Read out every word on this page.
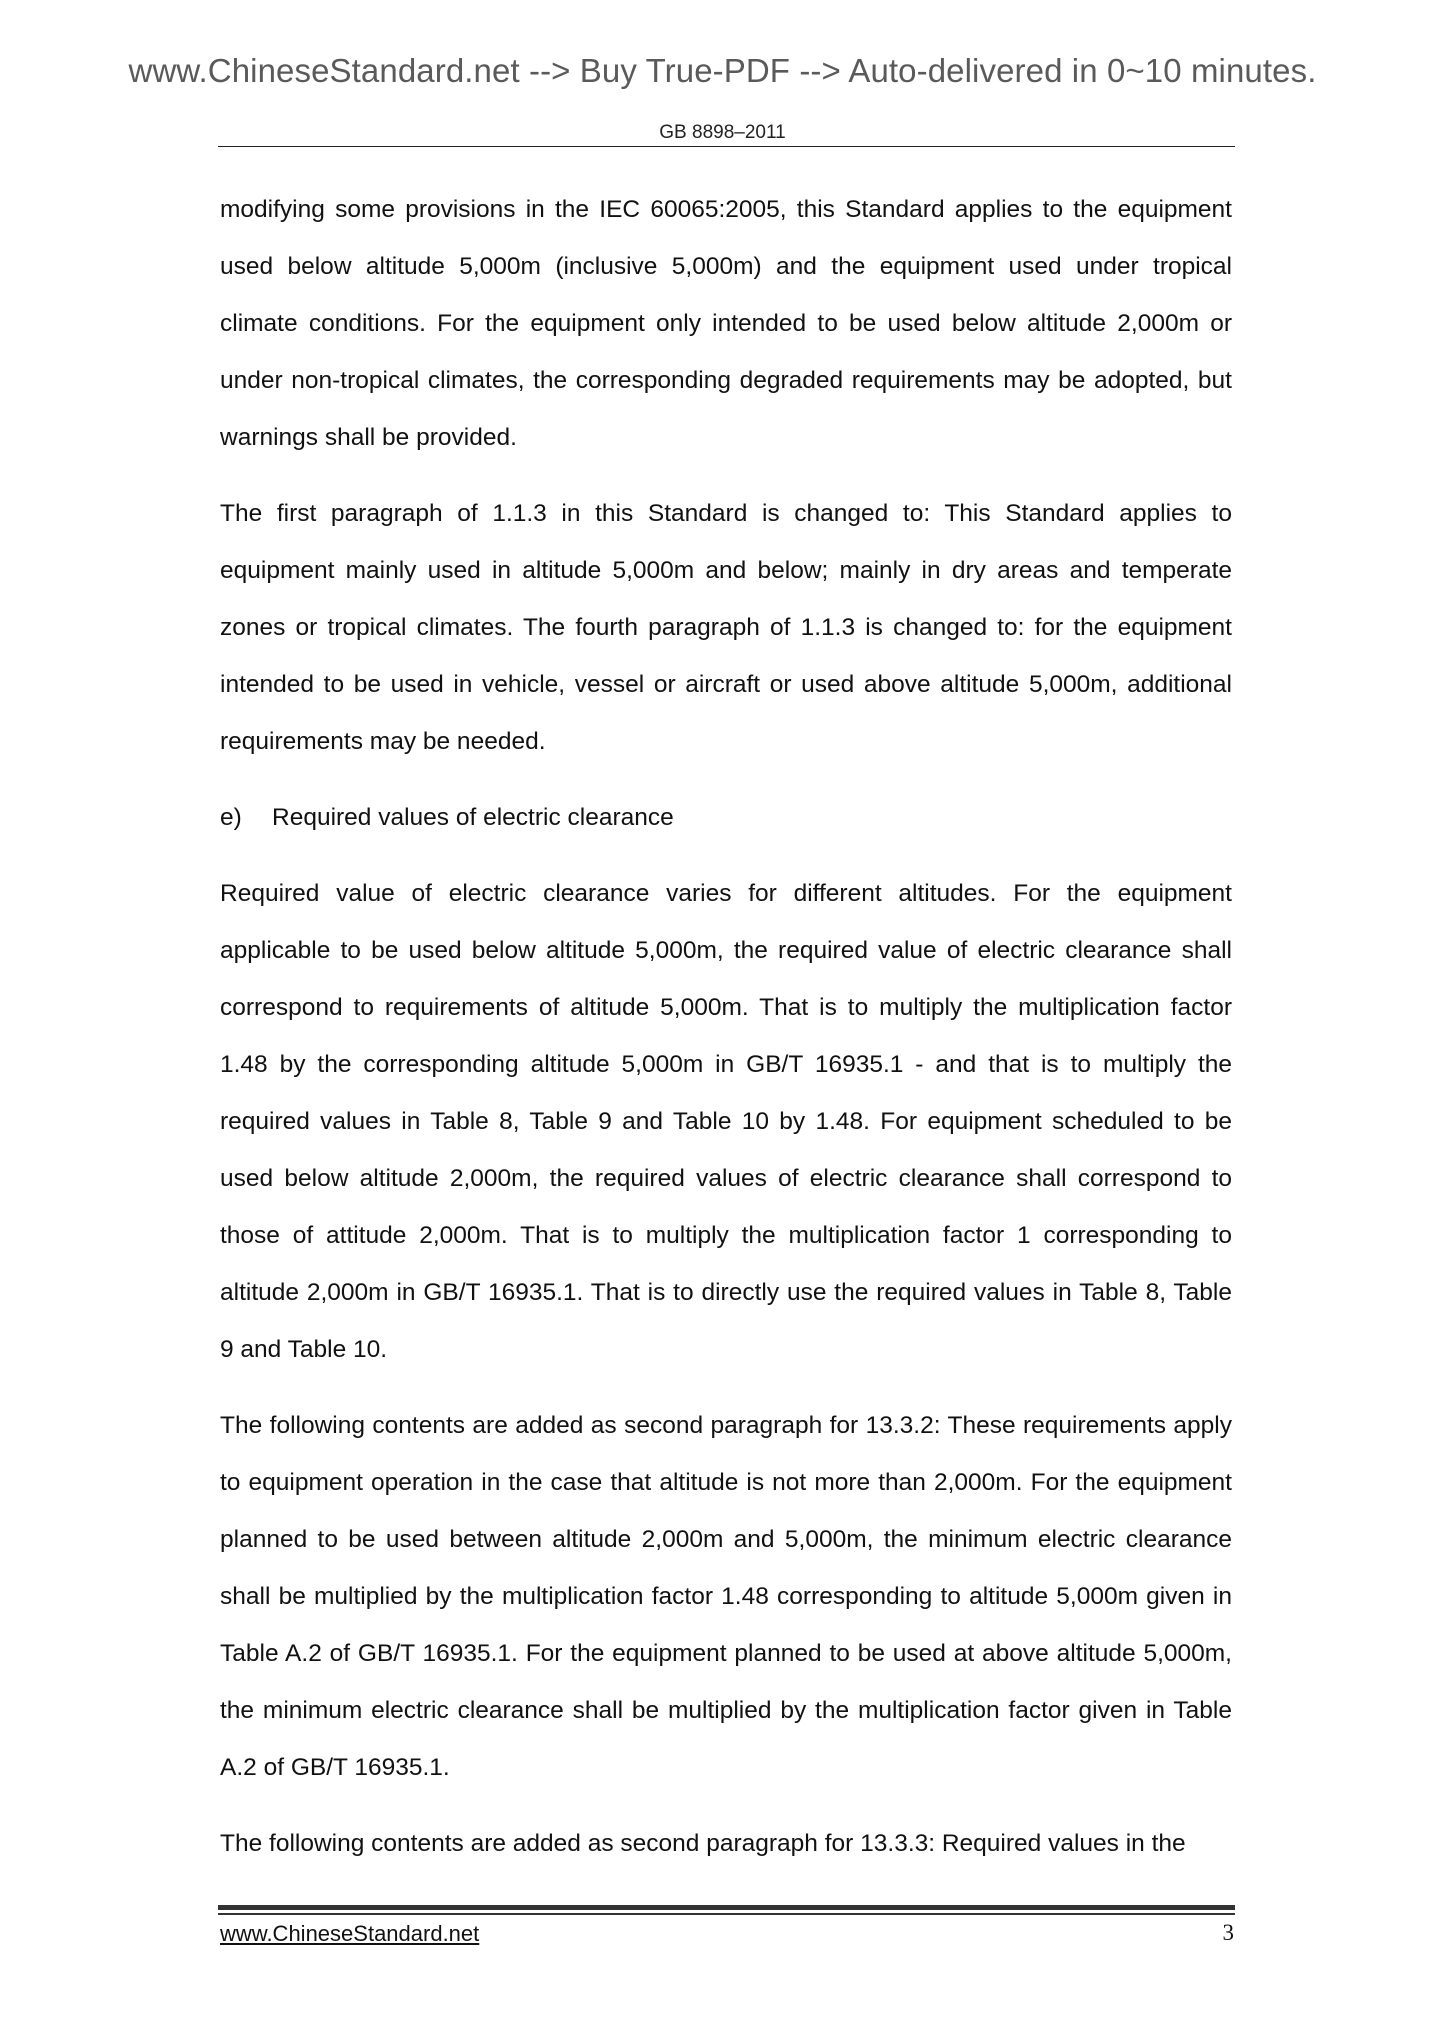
www.ChineseStandard.net --> Buy True-PDF --> Auto-delivered in 0~10 minutes.
GB 8898–2011

modifying some provisions in the IEC 60065:2005, this Standard applies to the equipment used below altitude 5,000m (inclusive 5,000m) and the equipment used under tropical climate conditions. For the equipment only intended to be used below altitude 2,000m or under non-tropical climates, the corresponding degraded requirements may be adopted, but warnings shall be provided.

The first paragraph of 1.1.3 in this Standard is changed to: This Standard applies to equipment mainly used in altitude 5,000m and below; mainly in dry areas and temperate zones or tropical climates. The fourth paragraph of 1.1.3 is changed to: for the equipment intended to be used in vehicle, vessel or aircraft or used above altitude 5,000m, additional requirements may be needed.

e) Required values of electric clearance

Required value of electric clearance varies for different altitudes. For the equipment applicable to be used below altitude 5,000m, the required value of electric clearance shall correspond to requirements of altitude 5,000m. That is to multiply the multiplication factor 1.48 by the corresponding altitude 5,000m in GB/T 16935.1 - and that is to multiply the required values in Table 8, Table 9 and Table 10 by 1.48. For equipment scheduled to be used below altitude 2,000m, the required values of electric clearance shall correspond to those of attitude 2,000m. That is to multiply the multiplication factor 1 corresponding to altitude 2,000m in GB/T 16935.1. That is to directly use the required values in Table 8, Table 9 and Table 10.

The following contents are added as second paragraph for 13.3.2: These requirements apply to equipment operation in the case that altitude is not more than 2,000m. For the equipment planned to be used between altitude 2,000m and 5,000m, the minimum electric clearance shall be multiplied by the multiplication factor 1.48 corresponding to altitude 5,000m given in Table A.2 of GB/T 16935.1. For the equipment planned to be used at above altitude 5,000m, the minimum electric clearance shall be multiplied by the multiplication factor given in Table A.2 of GB/T 16935.1.

The following contents are added as second paragraph for 13.3.3: Required values in the

www.ChineseStandard.net	3
